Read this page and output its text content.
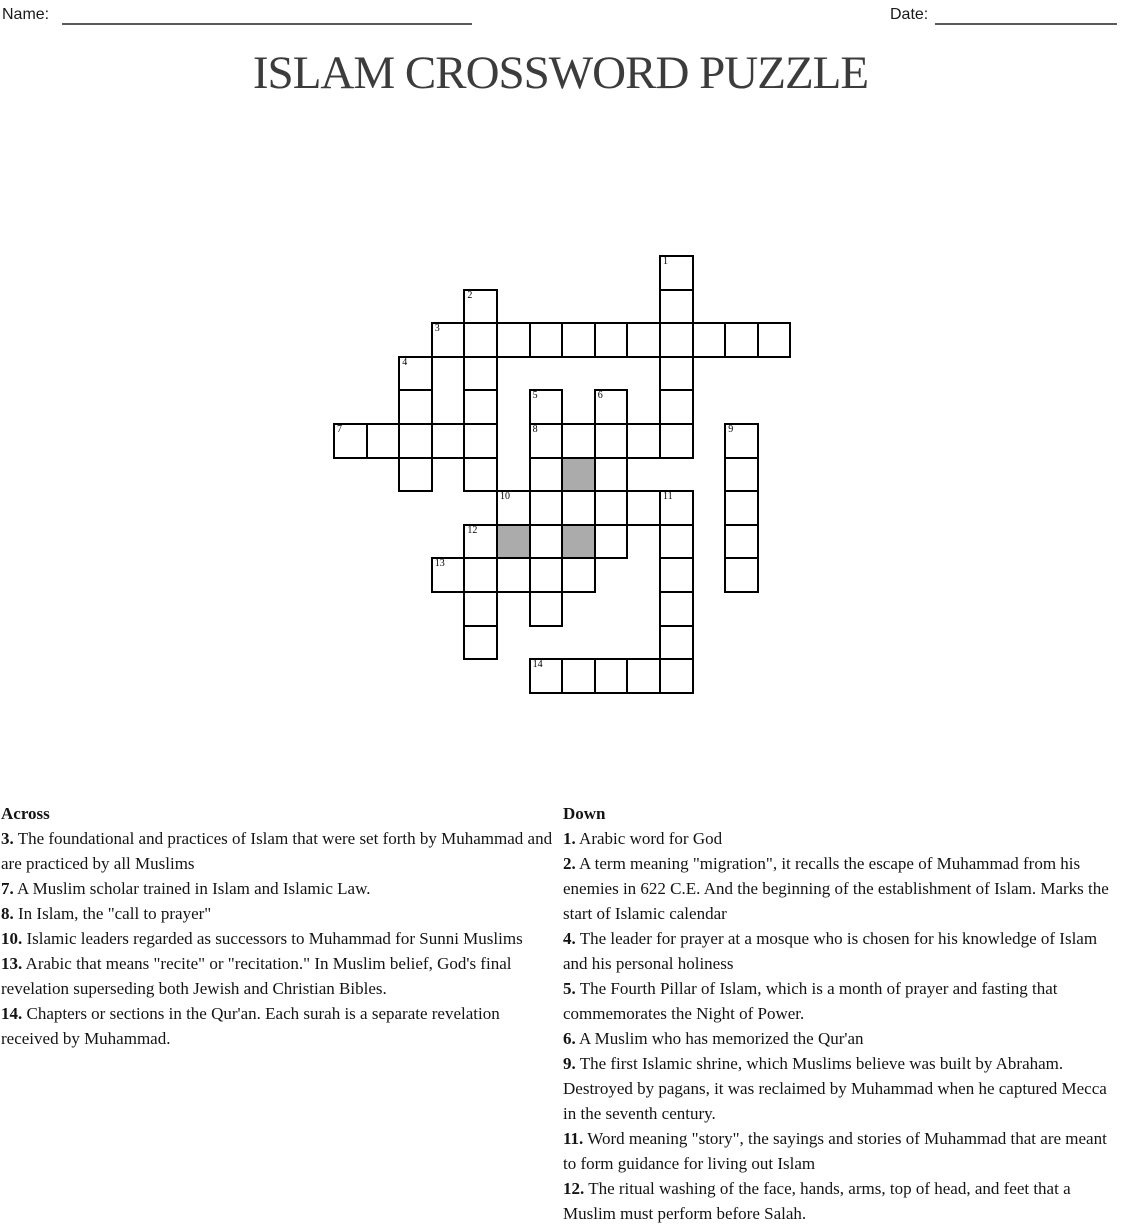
Name:	Date:
ISLAM CROSSWORD PUZZLE
1
2
3
4
5	6
7	8	9
10	11
12
13
14
Across
3. The foundational and practices of Islam that were set forth by Muhammad and are practiced by all Muslims
7. A Muslim scholar trained in Islam and Islamic Law.
8. In Islam, the "call to prayer"
10. Islamic leaders regarded as successors to Muhammad for Sunni Muslims
13. Arabic that means "recite" or "recitation." In Muslim belief, God's final revelation superseding both Jewish and Christian Bibles.
14. Chapters or sections in the Qur'an. Each surah is a separate revelation received by Muhammad.
Down
1. Arabic word for God
2. A term meaning "migration", it recalls the escape of Muhammad from his enemies in 622 C.E. And the beginning of the establishment of Islam. Marks the start of Islamic calendar
4. The leader for prayer at a mosque who is chosen for his knowledge of Islam and his personal holiness
5. The Fourth Pillar of Islam, which is a month of prayer and fasting that commemorates the Night of Power.
6. A Muslim who has memorized the Qur'an
9. The first Islamic shrine, which Muslims believe was built by Abraham. Destroyed by pagans, it was reclaimed by Muhammad when he captured Mecca in the seventh century.
11. Word meaning "story", the sayings and stories of Muhammad that are meant to form guidance for living out Islam
12. The ritual washing of the face, hands, arms, top of head, and feet that a Muslim must perform before Salah.
